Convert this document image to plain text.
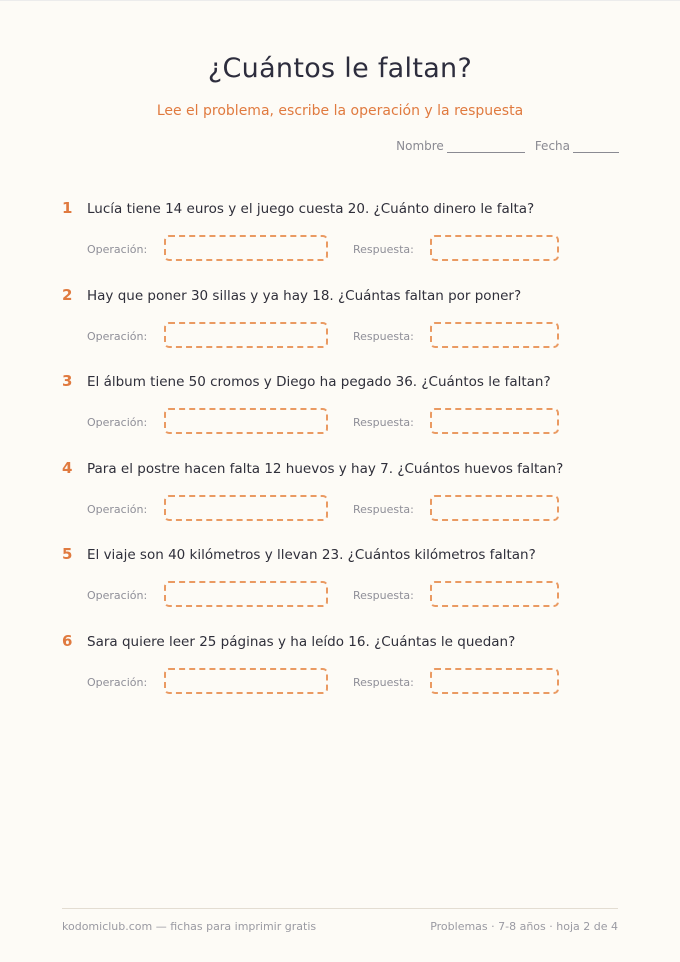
¿Cuántos le faltan?
Lee el problema, escribe la operación y la respuesta
Nombre	Fecha
1	Lucía tiene 14 euros y el juego cuesta 20. ¿Cuánto dinero le falta?
Operación:	Respuesta:
2	Hay que poner 30 sillas y ya hay 18. ¿Cuántas faltan por poner?
Operación:	Respuesta:
3	El álbum tiene 50 cromos y Diego ha pegado 36. ¿Cuántos le faltan?
Operación:	Respuesta:
4	Para el postre hacen falta 12 huevos y hay 7. ¿Cuántos huevos faltan?
Operación:	Respuesta:
5	El viaje son 40 kilómetros y llevan 23. ¿Cuántos kilómetros faltan?
Operación:	Respuesta:
6	Sara quiere leer 25 páginas y ha leído 16. ¿Cuántas le quedan?
Operación:	Respuesta:
kodomiclub.com — fichas para imprimir gratis	Problemas · 7-8 años · hoja 2 de 4
